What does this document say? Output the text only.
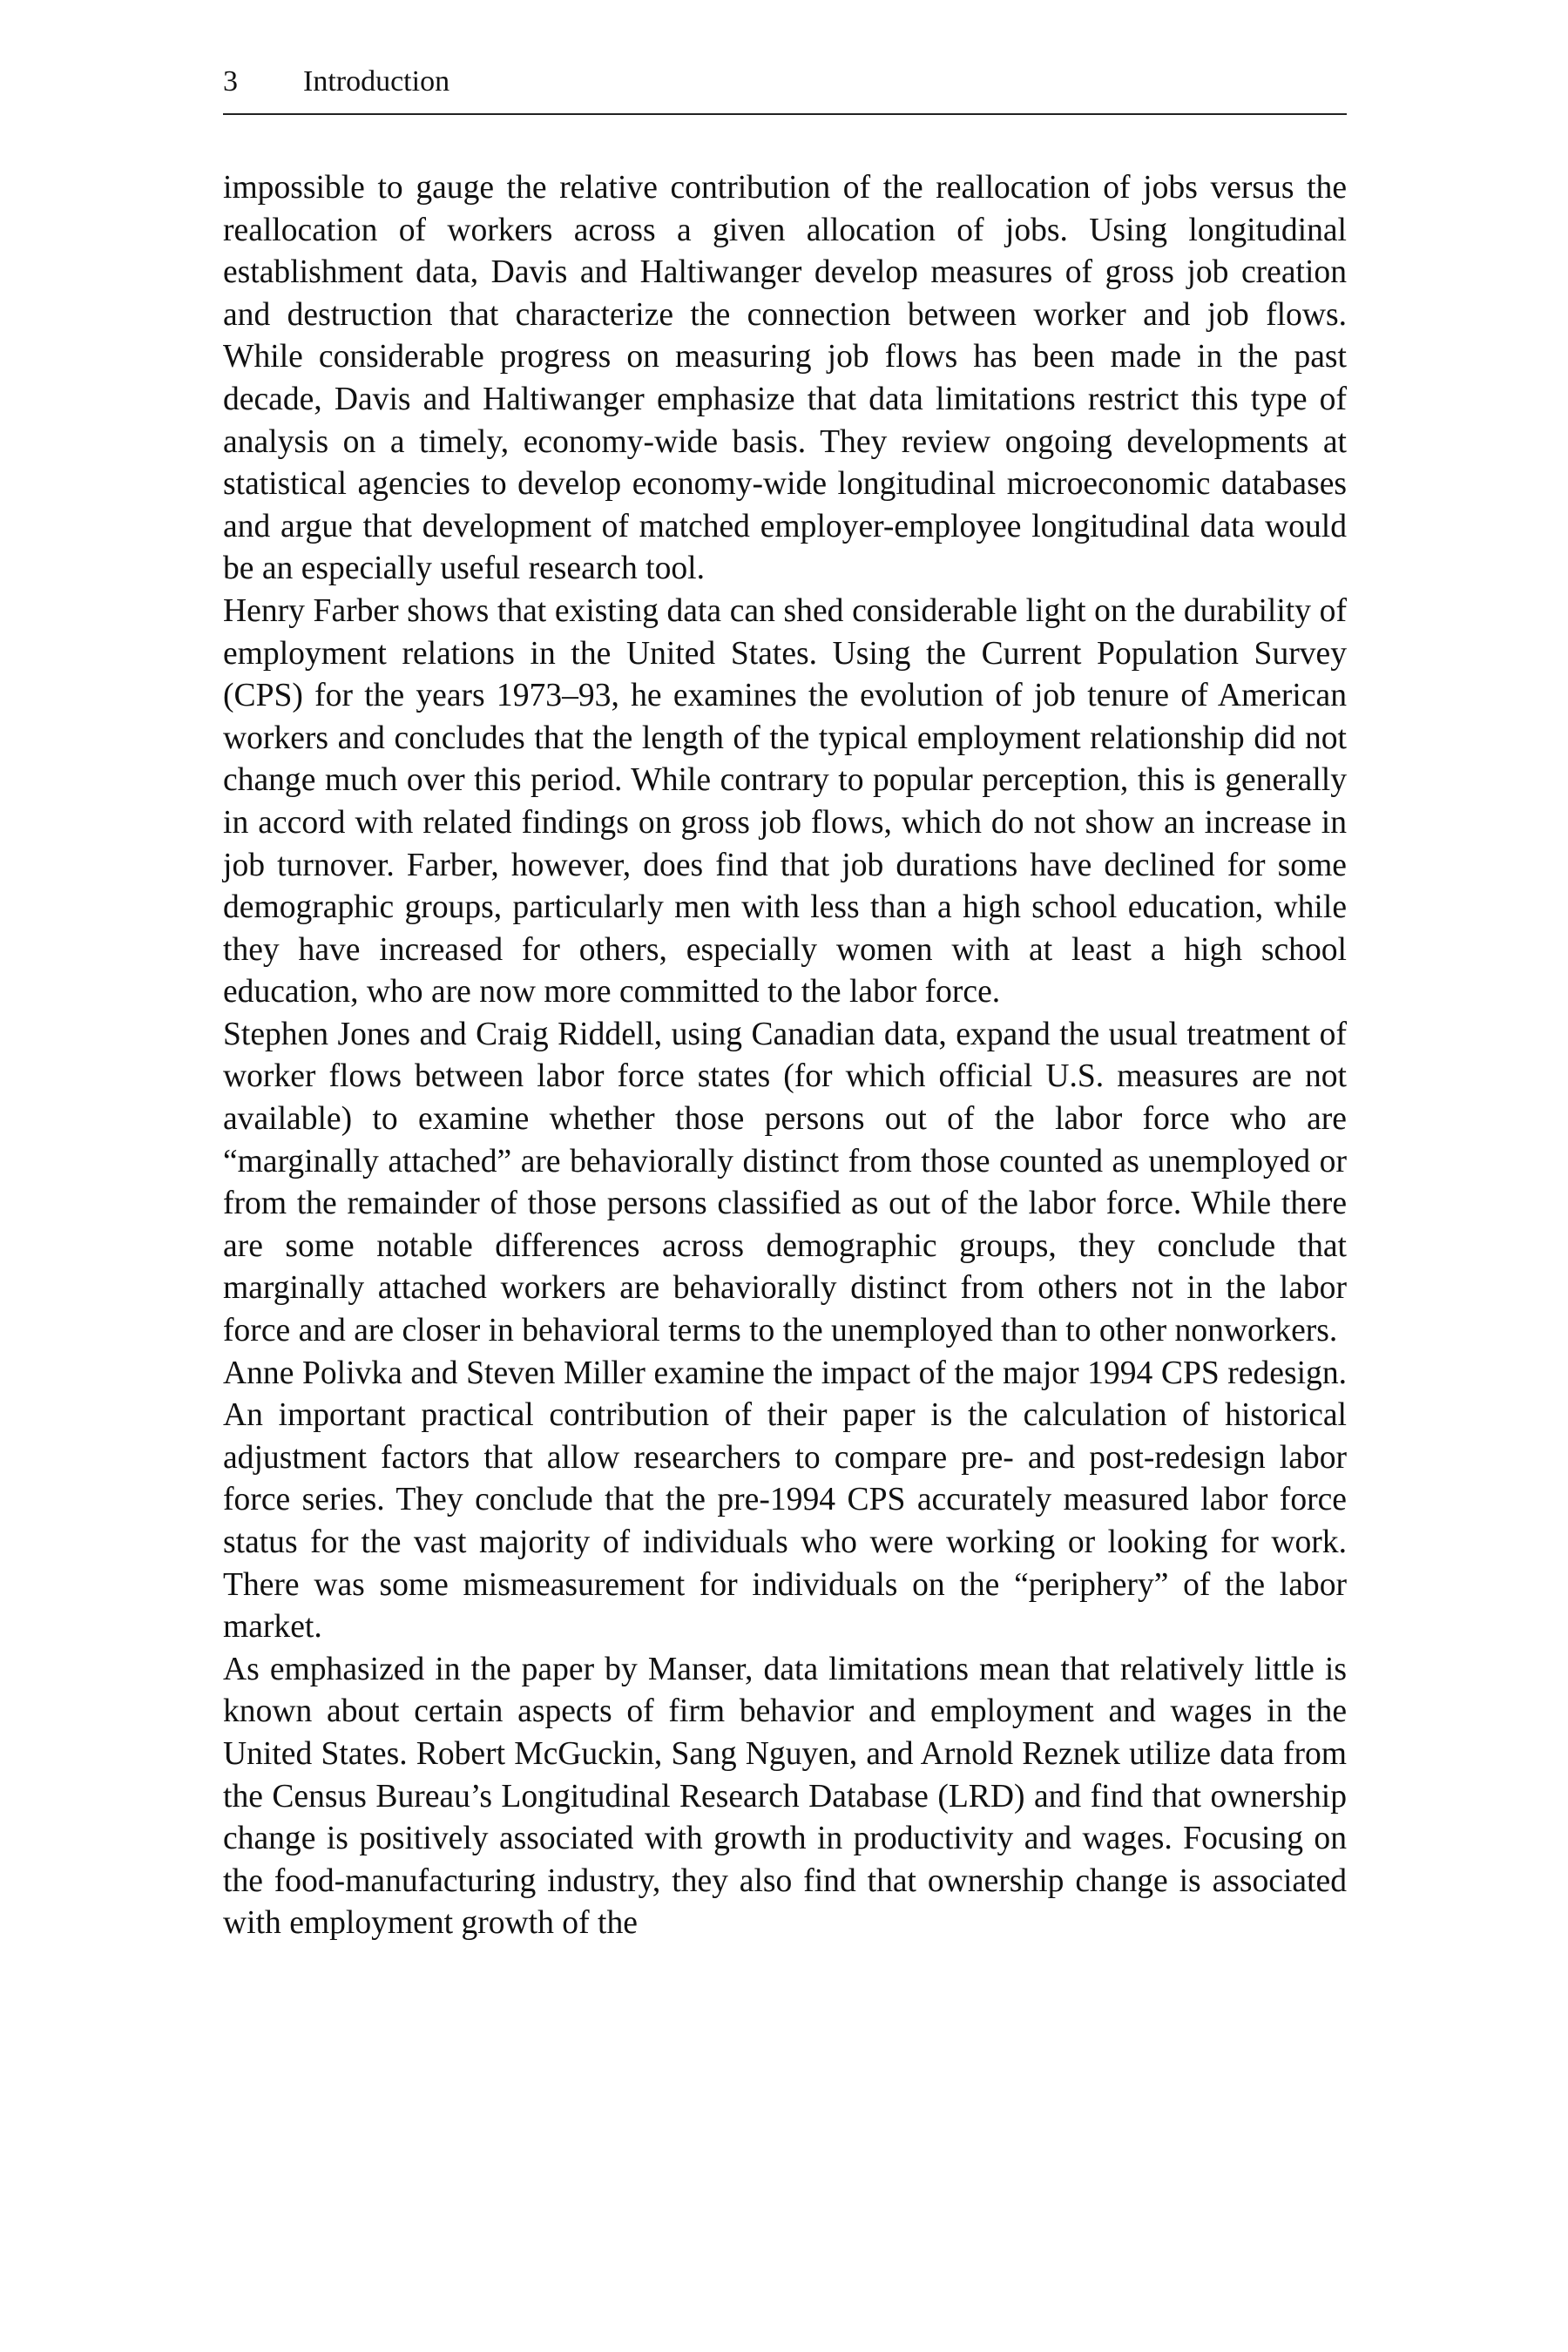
3 Introduction

impossible to gauge the relative contribution of the reallocation of jobs versus the reallocation of workers across a given allocation of jobs. Using longitudinal establishment data, Davis and Haltiwanger develop measures of gross job creation and destruction that characterize the connection between worker and job flows. While considerable progress on measuring job flows has been made in the past decade, Davis and Haltiwanger emphasize that data limitations restrict this type of analysis on a timely, economy-wide basis. They review ongoing developments at statistical agencies to develop economy-wide longitudinal microeconomic databases and argue that development of matched employer-employee longitudinal data would be an especially useful research tool.

Henry Farber shows that existing data can shed considerable light on the durability of employment relations in the United States. Using the Current Population Survey (CPS) for the years 1973–93, he examines the evolution of job tenure of American workers and concludes that the length of the typical employment relationship did not change much over this period. While contrary to popular perception, this is generally in accord with related findings on gross job flows, which do not show an increase in job turnover. Farber, however, does find that job durations have declined for some demographic groups, particularly men with less than a high school education, while they have increased for others, especially women with at least a high school education, who are now more committed to the labor force.

Stephen Jones and Craig Riddell, using Canadian data, expand the usual treatment of worker flows between labor force states (for which official U.S. measures are not available) to examine whether those persons out of the labor force who are “marginally attached” are behaviorally distinct from those counted as unemployed or from the remainder of those persons classified as out of the labor force. While there are some notable differences across demographic groups, they conclude that marginally attached workers are behaviorally distinct from others not in the labor force and are closer in behavioral terms to the unemployed than to other nonworkers.

Anne Polivka and Steven Miller examine the impact of the major 1994 CPS redesign. An important practical contribution of their paper is the calculation of historical adjustment factors that allow researchers to compare pre- and post-redesign labor force series. They conclude that the pre-1994 CPS accurately measured labor force status for the vast majority of individuals who were working or looking for work. There was some mismeasurement for individuals on the “periphery” of the labor market.

As emphasized in the paper by Manser, data limitations mean that relatively little is known about certain aspects of firm behavior and employment and wages in the United States. Robert McGuckin, Sang Nguyen, and Arnold Reznek utilize data from the Census Bureau’s Longitudinal Research Database (LRD) and find that ownership change is positively associated with growth in productivity and wages. Focusing on the food-manufacturing industry, they also find that ownership change is associated with employment growth of the
